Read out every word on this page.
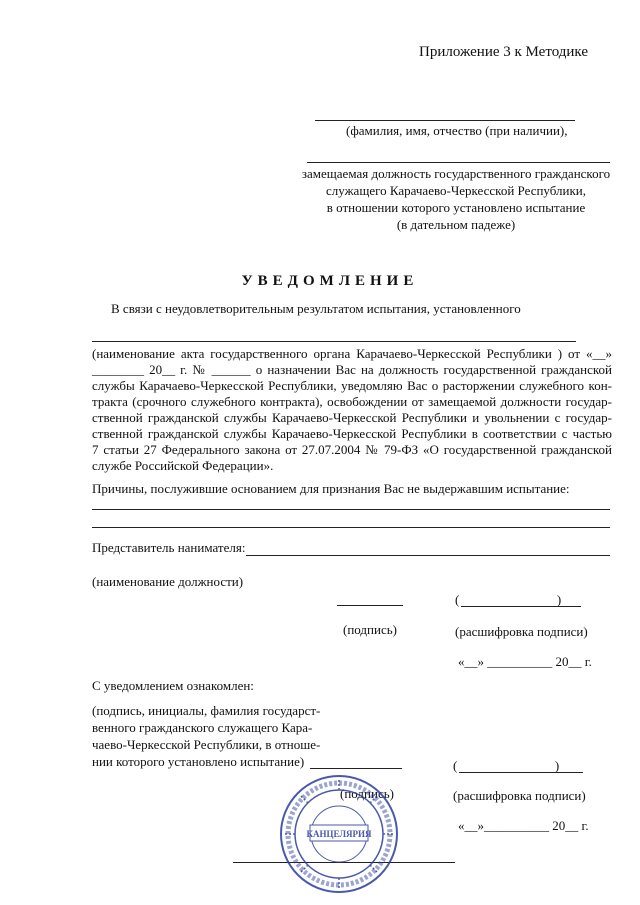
Приложение 3 к Методике
(фамилия, имя, отчество (при наличии),
замещаемая должность государственного гражданского
служащего Карачаево-Черкесской Республики,
в отношении которого установлено испытание
(в дательном падеже)
УВЕДОМЛЕНИЕ
В связи с неудовлетворительным результатом испытания, установленного
(наименование акта государственного органа Карачаево-Черкесской Республики ) от «__»
________ 20__ г. № ______ о назначении Вас на должность государственной гражданской
службы Карачаево-Черкесской Республики, уведомляю Вас о расторжении служебного кон-
тракта (срочного служебного контракта), освобождении от замещаемой должности государ-
ственной гражданской службы Карачаево-Черкесской Республики и увольнении с государ-
ственной гражданской службы Карачаево-Черкесской Республики в соответствии с частью
7 статьи 27 Федерального закона от 27.07.2004 № 79-ФЗ «О государственной гражданской
службе Российской Федерации».
Причины, послужившие основанием для признания Вас не выдержавшим испытание:
Представитель нанимателя:
(наименование должности)
(                              )
(подпись)	(расшифровка подписи)
«__» __________ 20__ г.
С уведомлением ознакомлен:
(подпись, инициалы, фамилия государст-
венного гражданского служащего Кара-
чаево-Черкесской Республики, в отноше-
нии которого установлено испытание)	(                              )
(подпись)	(расшифровка подписи)
«__»__________ 20__ г.
КАНЦЕЛЯРИЯ
